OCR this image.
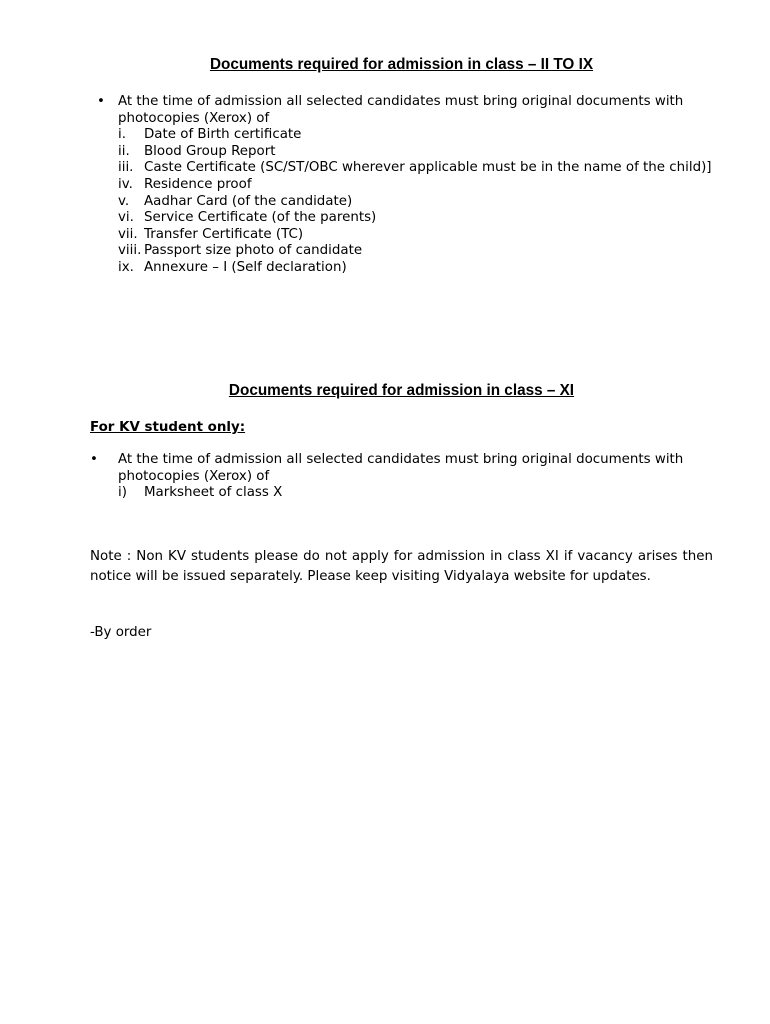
Documents required for admission in class – II TO IX
• At the time of admission all selected candidates must bring original documents with photocopies (Xerox) of
i. Date of Birth certificate
ii. Blood Group Report
iii. Caste Certificate (SC/ST/OBC wherever applicable must be in the name of the child)]
iv. Residence proof
v. Aadhar Card (of the candidate)
vi. Service Certificate (of the parents)
vii. Transfer Certificate (TC)
viii. Passport size photo of candidate
ix. Annexure – I (Self declaration)
Documents required for admission in class – XI
For KV student only:
• At the time of admission all selected candidates must bring original documents with photocopies (Xerox) of
i) Marksheet of class X
Note : Non KV students please do not apply for admission in class XI if vacancy arises then notice will be issued separately. Please keep visiting Vidyalaya website for updates.
-By order
